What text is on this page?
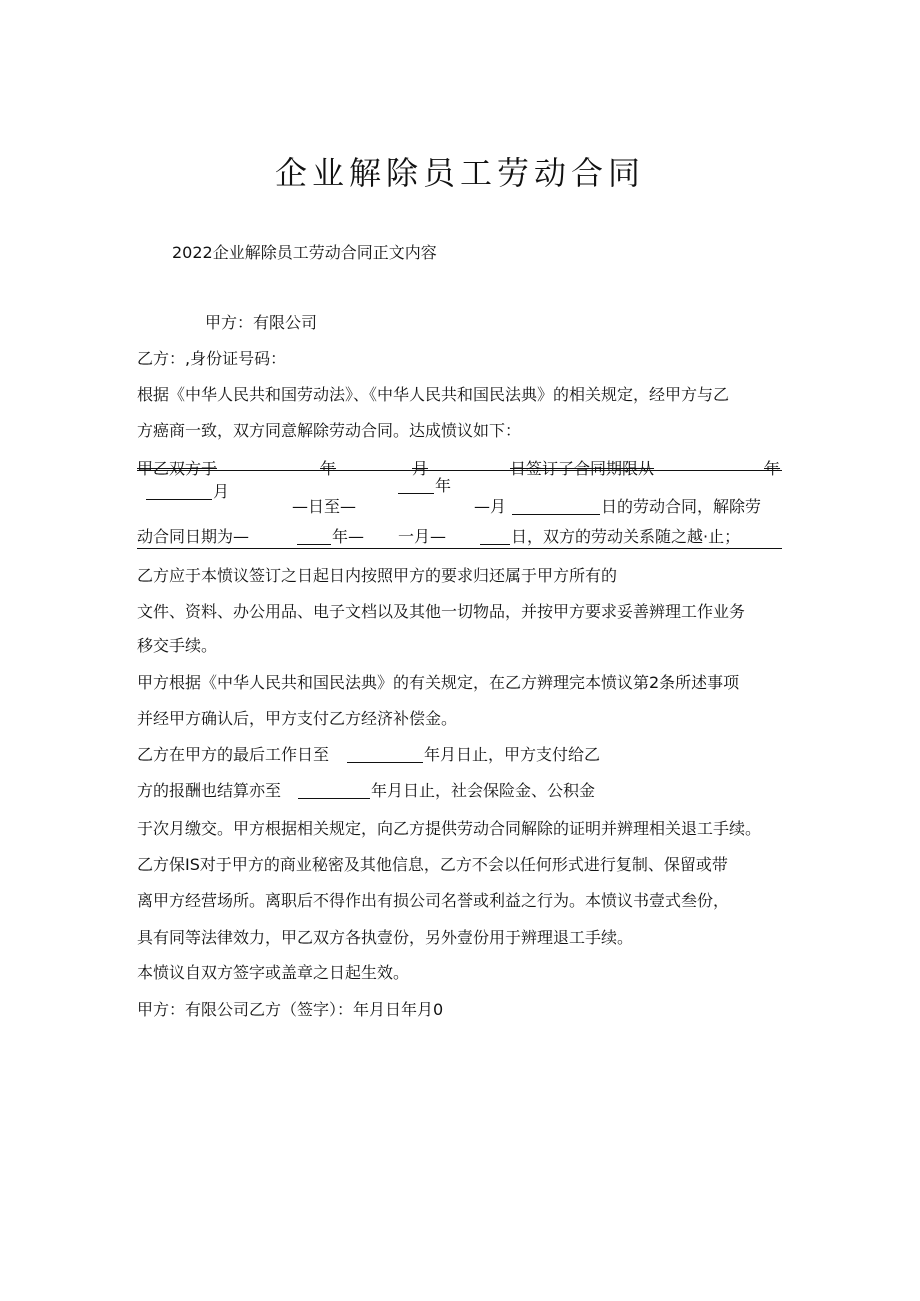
企业解除员工劳动合同
2022企业解除员工劳动合同正文内容
甲方：有限公司
乙方：,身份证号码：
根据《中华人民共和国劳动法》、《中华人民共和国民法典》的相关规定，经甲方与乙
方癌商一致，双方同意解除劳动合同。达成愤议如下：
甲乙双方于	年	月	日签订了合同期限从	年
月
—日至—
年
—月	日的劳动合同，解除劳
动合同日期为—	年— 一月—	日，双方的劳动关系随之越·止；
乙方应于本愤议签订之日起日内按照甲方的要求归还属于甲方所有的
文件、资料、办公用品、电子文档以及其他一切物品，并按甲方要求妥善辨理工作业务
移交手续。
甲方根据《中华人民共和国民法典》的有关规定，在乙方辨理完本愤议第2条所述事项
并经甲方确认后，甲方支付乙方经济补偿金。
乙方在甲方的最后工作日至	年月日止，甲方支付给乙
方的报酬也结算亦至	年月日止，社会保险金、公积金
于次月缴交。甲方根据相关规定，向乙方提供劳动合同解除的证明并辨理相关退工手续。
乙方保IS对于甲方的商业秘密及其他信息，乙方不会以任何形式进行复制、保留或带
离甲方经营场所。离职后不得作出有损公司名誉或利益之行为。本愤议书壹式叁份，
具有同等法律效力，甲乙双方各执壹份，另外壹份用于辨理退工手续。
本愤议自双方签字或盖章之日起生效。
甲方：有限公司乙方（签字）：年月日年月0
